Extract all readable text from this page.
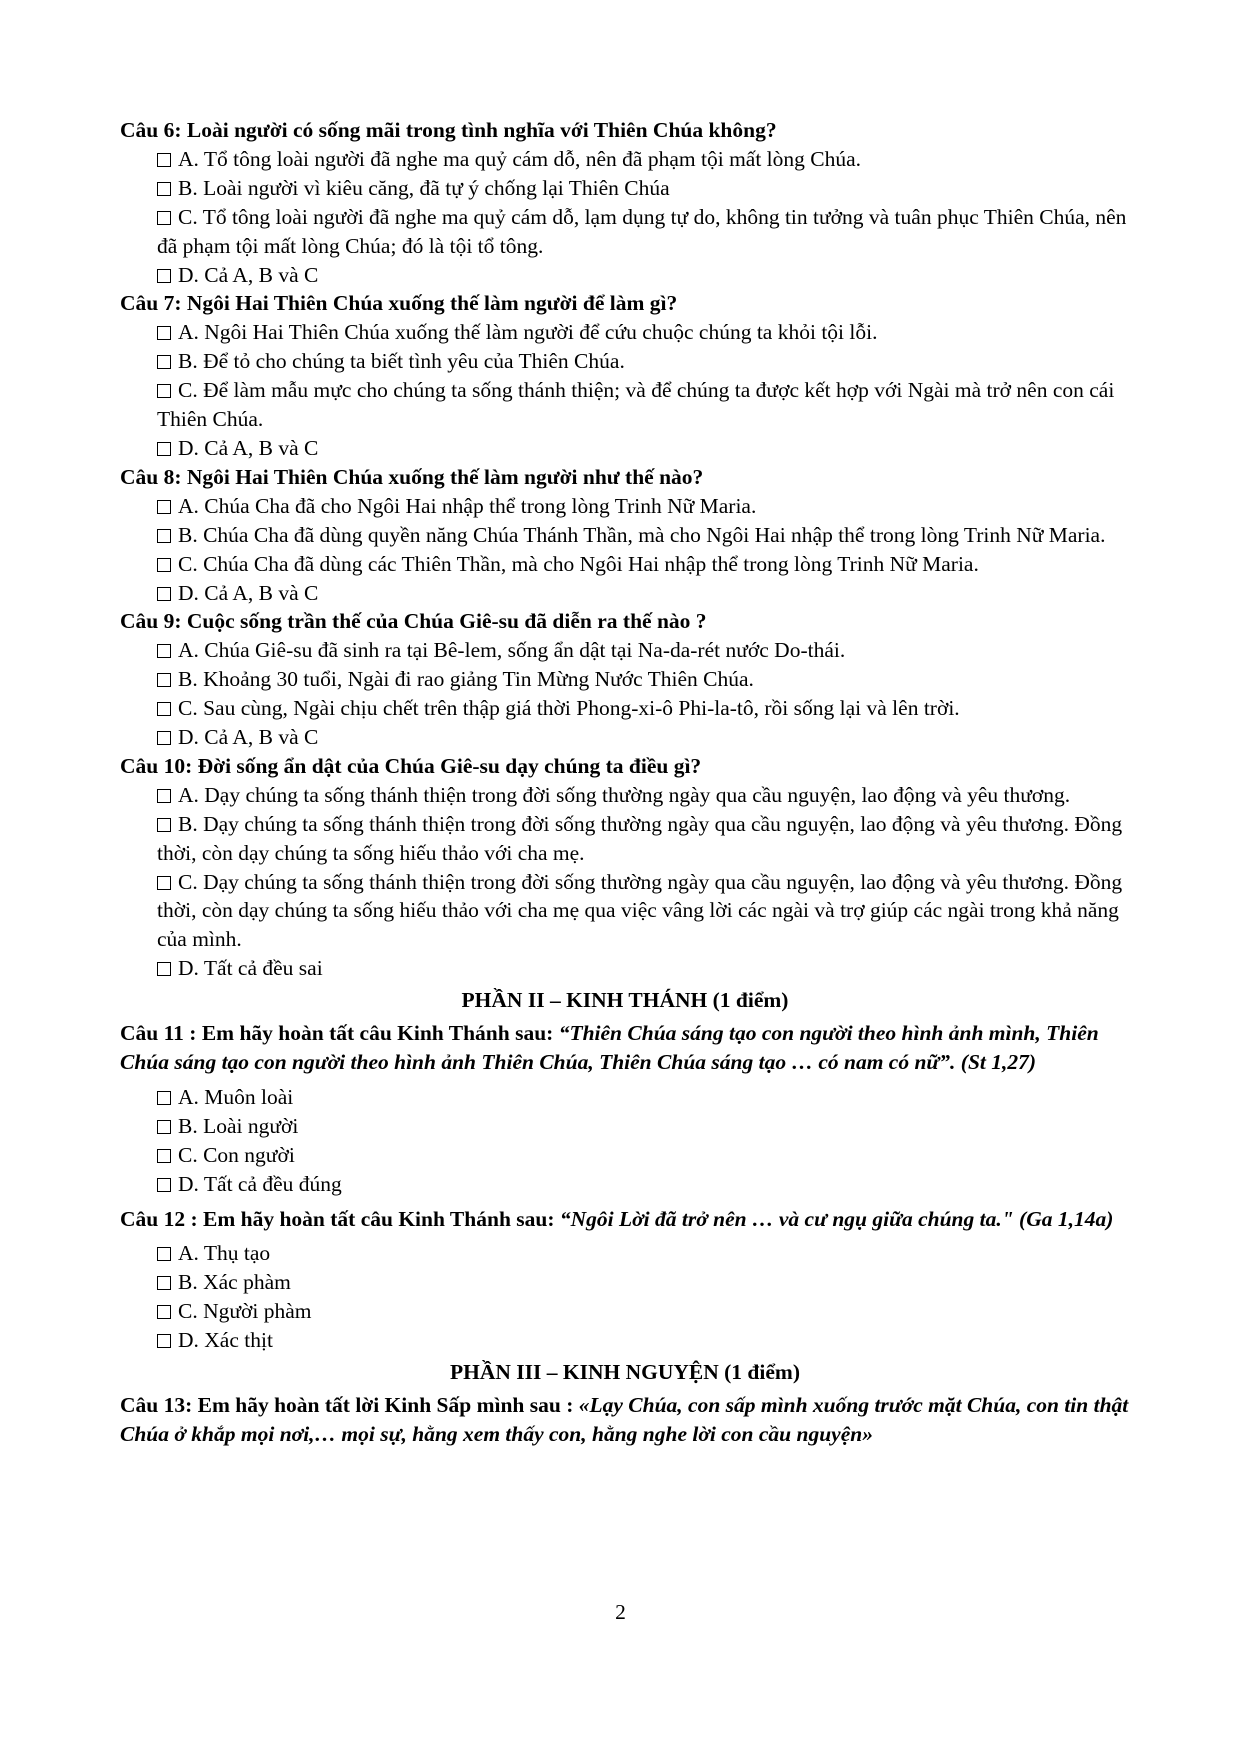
Câu 6: Loài người có sống mãi trong tình nghĩa với Thiên Chúa không?
A. Tổ tông loài người đã nghe ma quỷ cám dỗ, nên đã phạm tội mất lòng Chúa.
B. Loài người vì kiêu căng, đã tự ý chống lại Thiên Chúa
C. Tổ tông loài người đã nghe ma quỷ cám dỗ, lạm dụng tự do, không tin tưởng và tuân phục Thiên Chúa, nên đã phạm tội mất lòng Chúa; đó là tội tổ tông.
D. Cả A, B và C
Câu 7: Ngôi Hai Thiên Chúa xuống thế làm người để làm gì?
A. Ngôi Hai Thiên Chúa xuống thế làm người để cứu chuộc chúng ta khỏi tội lỗi.
B. Để tỏ cho chúng ta biết tình yêu của Thiên Chúa.
C. Để làm mẫu mực cho chúng ta sống thánh thiện; và để chúng ta được kết hợp với Ngài mà trở nên con cái Thiên Chúa.
D. Cả A, B và C
Câu 8: Ngôi Hai Thiên Chúa xuống thế làm người như thế nào?
A. Chúa Cha đã cho Ngôi Hai nhập thể trong lòng Trinh Nữ Maria.
B. Chúa Cha đã dùng quyền năng Chúa Thánh Thần, mà cho Ngôi Hai nhập thể trong lòng Trinh Nữ Maria.
C. Chúa Cha đã dùng các Thiên Thần, mà cho Ngôi Hai nhập thể trong lòng Trinh Nữ Maria.
D. Cả A, B và C
Câu 9: Cuộc sống trần thế của Chúa Giê-su đã diễn ra thế nào ?
A. Chúa Giê-su đã sinh ra tại Bê-lem, sống ẩn dật tại Na-da-rét nước Do-thái.
B. Khoảng 30 tuổi, Ngài đi rao giảng Tin Mừng Nước Thiên Chúa.
C. Sau cùng, Ngài chịu chết trên thập giá thời Phong-xi-ô Phi-la-tô, rồi sống lại và lên trời.
D. Cả A, B và C
Câu 10: Đời sống ẩn dật của Chúa Giê-su dạy chúng ta điều gì?
A. Dạy chúng ta sống thánh thiện trong đời sống thường ngày qua cầu nguyện, lao động và yêu thương.
B. Dạy chúng ta sống thánh thiện trong đời sống thường ngày qua cầu nguyện, lao động và yêu thương. Đồng thời, còn dạy chúng ta sống hiếu thảo với cha mẹ.
C. Dạy chúng ta sống thánh thiện trong đời sống thường ngày qua cầu nguyện, lao động và yêu thương. Đồng thời, còn dạy chúng ta sống hiếu thảo với cha mẹ qua việc vâng lời các ngài và trợ giúp các ngài trong khả năng của mình.
D. Tất cả đều sai
PHẦN II – KINH THÁNH (1 điểm)
Câu 11 : Em hãy hoàn tất câu Kinh Thánh sau: “Thiên Chúa sáng tạo con người theo hình ảnh mình, Thiên Chúa sáng tạo con người theo hình ảnh Thiên Chúa, Thiên Chúa sáng tạo … có nam có nữ”. (St 1,27)
A. Muôn loài
B. Loài người
C. Con người
D. Tất cả đều đúng
Câu 12 : Em hãy hoàn tất câu Kinh Thánh sau: “Ngôi Lời đã trở nên … và cư ngụ giữa chúng ta." (Ga 1,14a)
A. Thụ tạo
B. Xác phàm
C. Người phàm
D. Xác thịt
PHẦN III – KINH NGUYỆN (1 điểm)
Câu 13: Em hãy hoàn tất lời Kinh Sấp mình sau : «Lạy Chúa, con sấp mình xuống trước mặt Chúa, con tin thật Chúa ở khắp mọi nơi,… mọi sự, hằng xem thấy con, hằng nghe lời con cầu nguyện»
2
